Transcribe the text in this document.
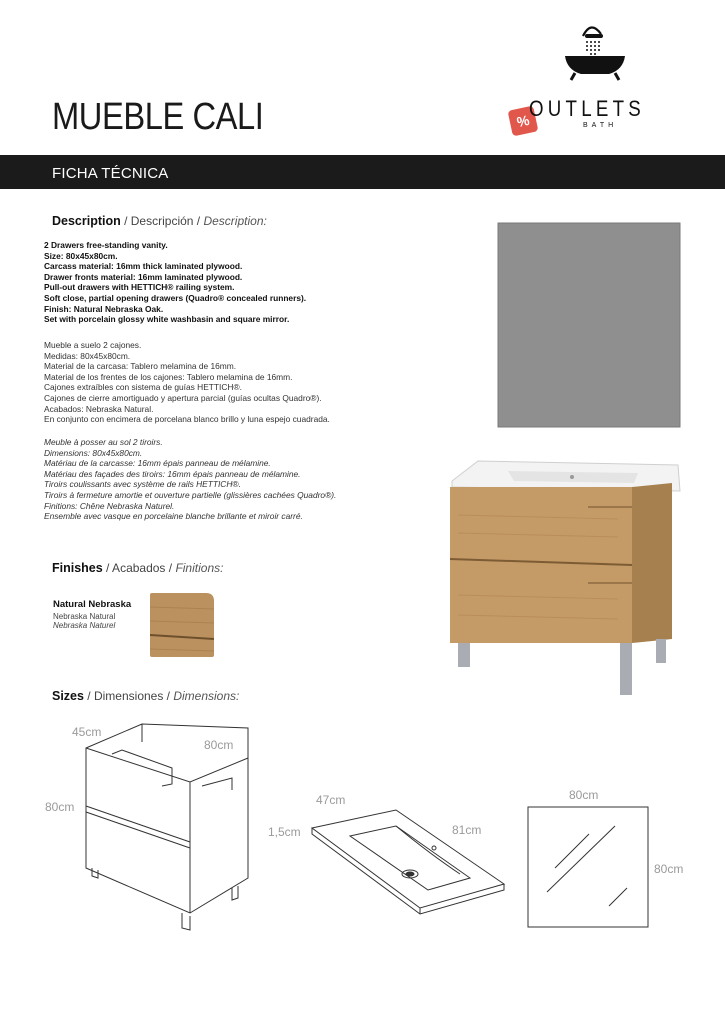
MUEBLE CALI	%
OUTLETS
BATH
FICHA TÉCNICA
Description / Descripción / Description:
2 Drawers free-standing vanity.
Size: 80x45x80cm.
Carcass material: 16mm thick laminated plywood.
Drawer fronts material: 16mm laminated plywood.
Pull-out drawers with HETTICH® railing system.
Soft close, partial opening drawers (Quadro® concealed runners).
Finish: Natural Nebraska Oak.
Set with porcelain glossy white washbasin and square mirror.
Mueble a suelo 2 cajones.
Medidas: 80x45x80cm.
Material de la carcasa: Tablero melamina de 16mm.
Material de los frentes de los cajones: Tablero melamina de 16mm.
Cajones extraíbles con sistema de guías HETTICH®.
Cajones de cierre amortiguado y apertura parcial (guías ocultas Quadro®).
Acabados: Nebraska Natural.
En conjunto con encimera de porcelana blanco brillo y luna espejo cuadrada.
Meuble à posser au sol 2 tiroirs.
Dimensions: 80x45x80cm.
Matériau de la carcasse: 16mm épais panneau de mélamine.
Matériau des façades des tiroirs: 16mm épais panneau de mélamine.
Tiroirs coulissants avec système de rails HETTICH®.
Tiroirs à fermeture amortie et ouverture partielle (glissières cachées Quadro®).
Finitions: Chêne Nebraska Naturel.
Ensemble avec vasque en porcelaine blanche brillante et miroir carré.
Finishes / Acabados / Finitions:
Natural Nebraska
Nebraska Natural
Nebraska Naturel
Sizes / Dimensiones / Dimensions:
45cm
80cm
80cm	47cm
1,5cm	81cm
80cm
80cm
